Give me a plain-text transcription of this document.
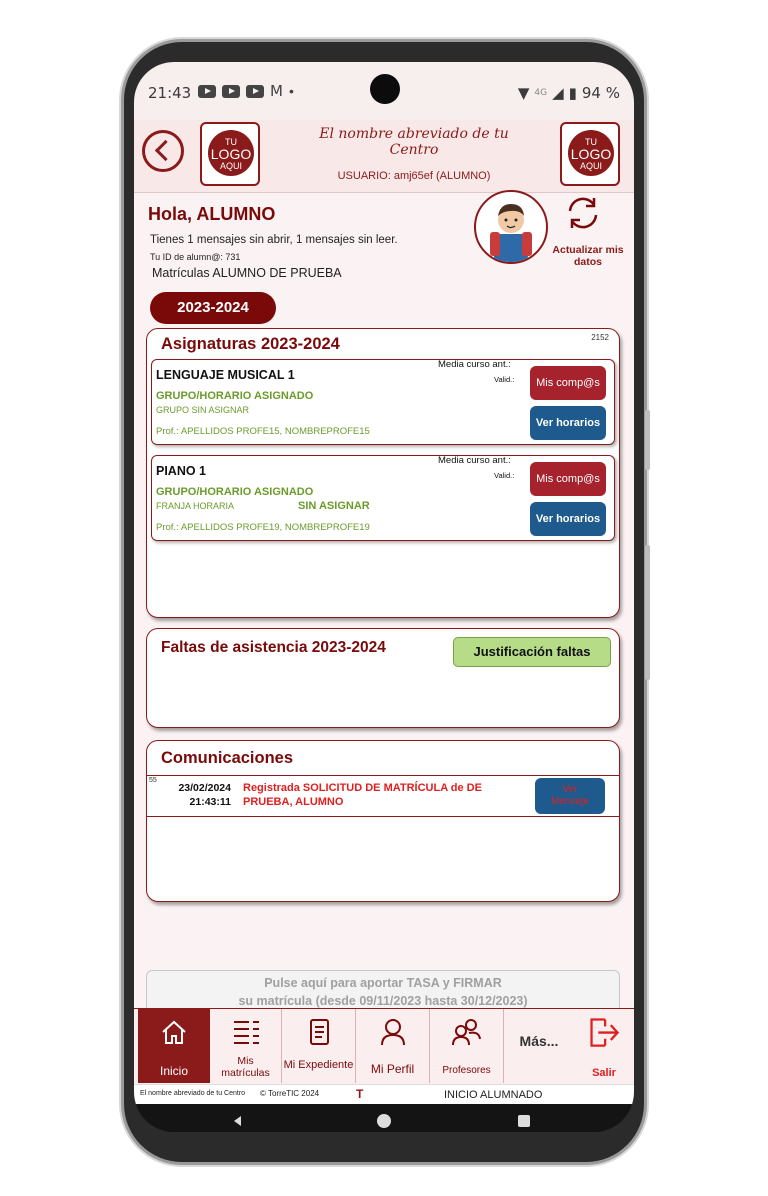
21:43	M •	▼ 4G ◢ ▮ 94 %
TU
LOGO
AQUI
El nombre abreviado de tu Centro
USUARIO: amj65ef (ALUMNO)
TU
LOGO
AQUI
Hola, ALUMNO
Tienes 1 mensajes sin abrir, 1 mensajes sin leer.
Tu ID de alumn@: 731
Matrículas ALUMNO DE PRUEBA
Actualizar mis datos
2023-2024
Asignaturas 2023-2024	2152
LENGUAJE MUSICAL 1
Media curso ant.:
Valid.:
GRUPO/HORARIO ASIGNADO
GRUPO SIN ASIGNAR
Prof.: APELLIDOS PROFE15, NOMBREPROFE15
Mis comp@s
Ver horarios
PIANO 1
Media curso ant.:
Valid.:
GRUPO/HORARIO ASIGNADO
FRANJA HORARIA	SIN ASIGNAR
Prof.: APELLIDOS PROFE19, NOMBREPROFE19
Mis comp@s
Ver horarios
Faltas de asistencia 2023-2024	Justificación faltas
Comunicaciones
55
23/02/2024
21:43:11
Registrada SOLICITUD DE MATRÍCULA de DE PRUEBA, ALUMNO
Ver
Mensaje
Pulse aquí para aportar TASA y FIRMAR
su matrícula (desde 09/11/2023 hasta 30/12/2023)
Inicio
Mis
matrículas
Mi Expediente	Mi Perfil	Profesores
Más...
Salir
El nombre abreviado de tu Centro © TorreTIC 2024	T	INICIO ALUMNADO
